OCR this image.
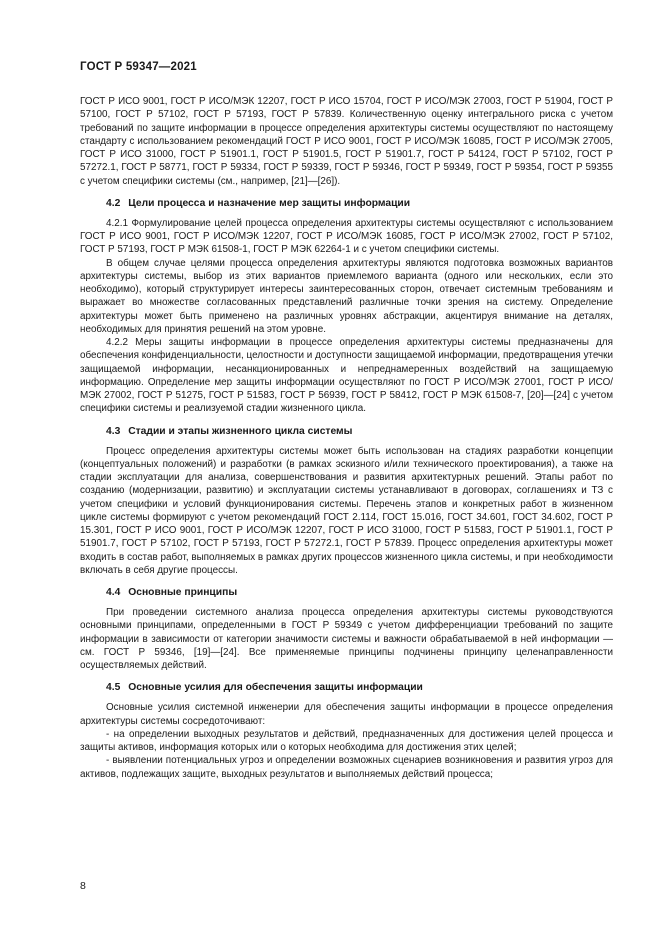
ГОСТ Р 59347—2021

ГОСТ Р ИСО 9001, ГОСТ Р ИСО/МЭК 12207, ГОСТ Р ИСО 15704, ГОСТ Р ИСО/МЭК 27003, ГОСТ Р 51904, ГОСТ Р 57100, ГОСТ Р 57102, ГОСТ Р 57193, ГОСТ Р 57839. Количественную оценку интегрального риска с учетом требований по защите информации в процессе определения архитектуры системы осуществляют по настоящему стандарту с использованием рекомендаций ГОСТ Р ИСО 9001, ГОСТ Р ИСО/МЭК 16085, ГОСТ Р ИСО/МЭК 27005, ГОСТ Р ИСО 31000, ГОСТ Р 51901.1, ГОСТ Р 51901.5, ГОСТ Р 51901.7, ГОСТ Р 54124, ГОСТ Р 57102, ГОСТ Р 57272.1, ГОСТ Р 58771, ГОСТ Р 59334, ГОСТ Р 59339, ГОСТ Р 59346, ГОСТ Р 59349, ГОСТ Р 59354, ГОСТ Р 59355 с учетом специфики системы (см., например, [21]—[26]).

4.2 Цели процесса и назначение мер защиты информации

4.2.1 Формулирование целей процесса определения архитектуры системы осуществляют с использованием ГОСТ Р ИСО 9001, ГОСТ Р ИСО/МЭК 12207, ГОСТ Р ИСО/МЭК 16085, ГОСТ Р ИСО/МЭК 27002, ГОСТ Р 57102, ГОСТ Р 57193, ГОСТ Р МЭК 61508-1, ГОСТ Р МЭК 62264-1 и с учетом специфики системы.

В общем случае целями процесса определения архитектуры являются подготовка возможных вариантов архитектуры системы, выбор из этих вариантов приемлемого варианта (одного или нескольких, если это необходимо), который структурирует интересы заинтересованных сторон, отвечает системным требованиям и выражает во множестве согласованных представлений различные точки зрения на систему. Определение архитектуры может быть применено на различных уровнях абстракции, акцентируя внимание на деталях, необходимых для принятия решений на этом уровне.

4.2.2 Меры защиты информации в процессе определения архитектуры системы предназначены для обеспечения конфиденциальности, целостности и доступности защищаемой информации, предотвращения утечки защищаемой информации, несанкционированных и непреднамеренных воздействий на защищаемую информацию. Определение мер защиты информации осуществляют по ГОСТ Р ИСО/МЭК 27001, ГОСТ Р ИСО/МЭК 27002, ГОСТ Р 51275, ГОСТ Р 51583, ГОСТ Р 56939, ГОСТ Р 58412, ГОСТ Р МЭК 61508-7, [20]—[24] с учетом специфики системы и реализуемой стадии жизненного цикла.

4.3 Стадии и этапы жизненного цикла системы

Процесс определения архитектуры системы может быть использован на стадиях разработки концепции (концептуальных положений) и разработки (в рамках эскизного и/или технического проектирования), а также на стадии эксплуатации для анализа, совершенствования и развития архитектурных решений. Этапы работ по созданию (модернизации, развитию) и эксплуатации системы устанавливают в договорах, соглашениях и ТЗ с учетом специфики и условий функционирования системы. Перечень этапов и конкретных работ в жизненном цикле системы формируют с учетом рекомендаций ГОСТ 2.114, ГОСТ 15.016, ГОСТ 34.601, ГОСТ 34.602, ГОСТ Р 15.301, ГОСТ Р ИСО 9001, ГОСТ Р ИСО/МЭК 12207, ГОСТ Р ИСО 31000, ГОСТ Р 51583, ГОСТ Р 51901.1, ГОСТ Р 51901.7, ГОСТ Р 57102, ГОСТ Р 57193, ГОСТ Р 57272.1, ГОСТ Р 57839. Процесс определения архитектуры может входить в состав работ, выполняемых в рамках других процессов жизненного цикла системы, и при необходимости включать в себя другие процессы.

4.4 Основные принципы

При проведении системного анализа процесса определения архитектуры системы руководствуются основными принципами, определенными в ГОСТ Р 59349 с учетом дифференциации требований по защите информации в зависимости от категории значимости системы и важности обрабатываемой в ней информации — см. ГОСТ Р 59346, [19]—[24]. Все применяемые принципы подчинены принципу целенаправленности осуществляемых действий.

4.5 Основные усилия для обеспечения защиты информации

Основные усилия системной инженерии для обеспечения защиты информации в процессе определения архитектуры системы сосредоточивают:

- на определении выходных результатов и действий, предназначенных для достижения целей процесса и защиты активов, информация которых или о которых необходима для достижения этих целей;

- выявлении потенциальных угроз и определении возможных сценариев возникновения и развития угроз для активов, подлежащих защите, выходных результатов и выполняемых действий процесса;

8
